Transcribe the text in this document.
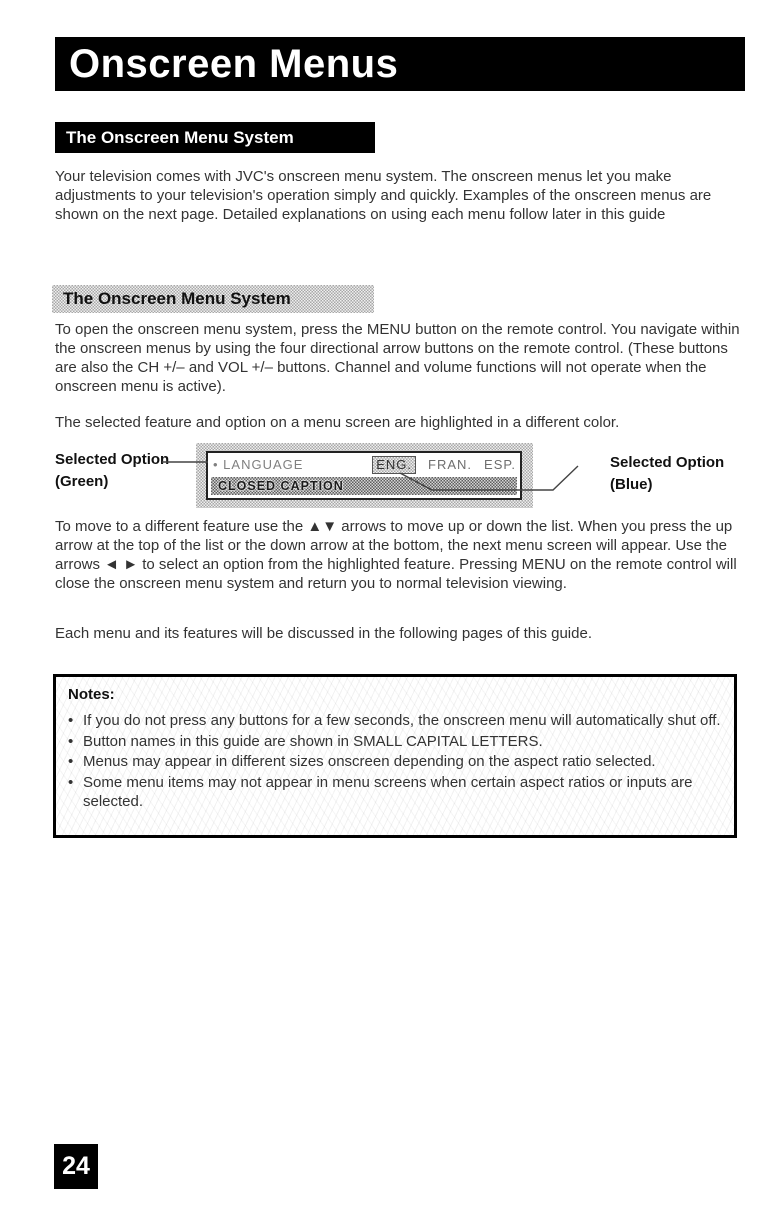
Onscreen Menus
The Onscreen Menu System
Your television comes with JVC's onscreen menu system. The onscreen menus let you make adjustments to your television's operation simply and quickly. Examples of the onscreen menus are shown on the next page. Detailed explanations on using each menu follow later in this guide
The Onscreen Menu System
To open the onscreen menu system, press the MENU button on the remote control. You navigate within the onscreen menus by using the four directional arrow buttons on the remote control. (These buttons are also the CH +/– and VOL +/– buttons. Channel and volume functions will not operate when the onscreen menu is active).
The selected feature and option on a menu screen are highlighted in a different color.
Selected Option
(Green)
• LANGUAGE	ENG.	FRAN. ESP.
CLOSED CAPTION
Selected Option
(Blue)
To move to a different feature use the ▲▼ arrows to move up or down the list. When you press the up arrow at the top of the list or the down arrow at the bottom, the next menu screen will appear. Use the arrows ◄ ► to select an option from the highlighted feature. Pressing MENU on the remote control will close the onscreen menu system and return you to normal television viewing.
Each menu and its features will be discussed in the following pages of this guide.

Notes:

• If you do not press any buttons for a few seconds, the onscreen menu will automatically shut off.
• Button names in this guide are shown in SMALL CAPITAL LETTERS.
• Menus may appear in different sizes onscreen depending on the aspect ratio selected.
• Some menu items may not appear in menu screens when certain aspect ratios or inputs are selected.
24
